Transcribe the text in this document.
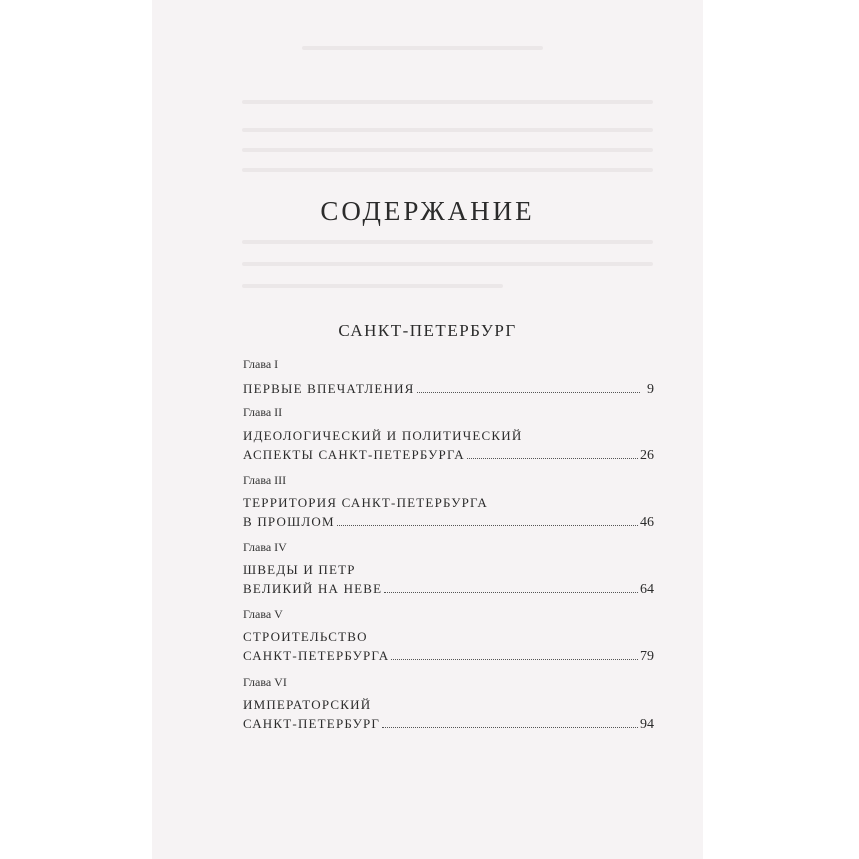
СОДЕРЖАНИЕ
САНКТ-ПЕТЕРБУРГ
Глава I
ПЕРВЫЕ ВПЕЧАТЛЕНИЯ	9
Глава II
ИДЕОЛОГИЧЕСКИЙ И ПОЛИТИЧЕСКИЙ
АСПЕКТЫ САНКТ-ПЕТЕРБУРГА	26
Глава III
ТЕРРИТОРИЯ САНКТ-ПЕТЕРБУРГА
В ПРОШЛОМ	46
Глава IV
ШВЕДЫ И ПЕТР
ВЕЛИКИЙ НА НЕВЕ	64
Глава V
СТРОИТЕЛЬСТВО
САНКТ-ПЕТЕРБУРГА	79
Глава VI
ИМПЕРАТОРСКИЙ
САНКТ-ПЕТЕРБУРГ	94
